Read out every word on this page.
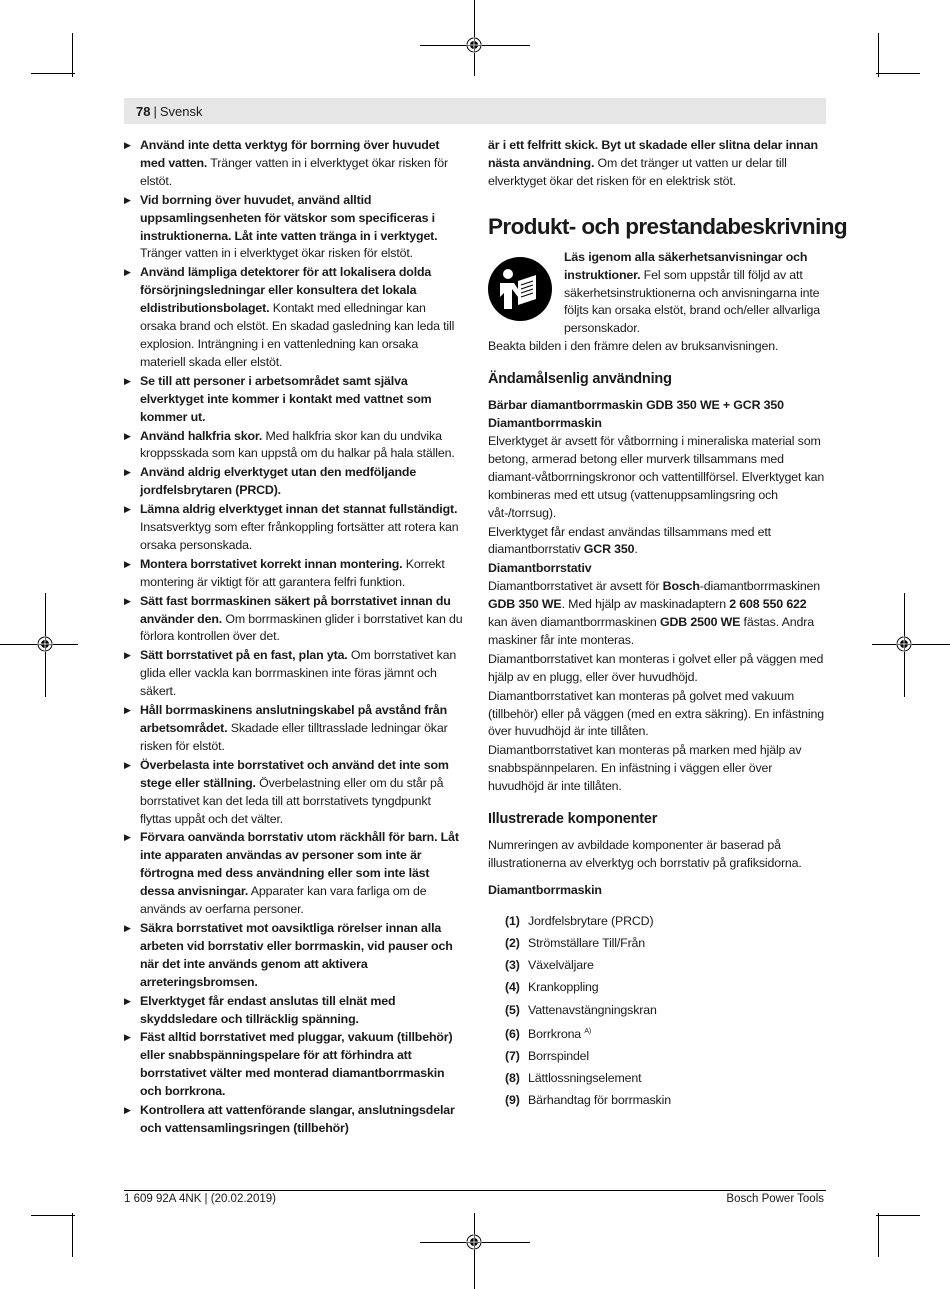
78 | Svensk
▶ Använd inte detta verktyg för borrning över huvudet med vatten. Tränger vatten in i elverktyget ökar risken för elstöt.
▶ Vid borrning över huvudet, använd alltid uppsamlingsenheten för vätskor som specificeras i instruktionerna. Låt inte vatten tränga in i verktyget. Tränger vatten in i elverktyget ökar risken för elstöt.
▶ Använd lämpliga detektorer för att lokalisera dolda försörjningsledningar eller konsultera det lokala eldistributionsbolaget. Kontakt med elledningar kan orsaka brand och elstöt. En skadad gasledning kan leda till explosion. Inträngning i en vattenledning kan orsaka materiell skada eller elstöt.
▶ Se till att personer i arbetsområdet samt själva elverktyget inte kommer i kontakt med vattnet som kommer ut.
▶ Använd halkfria skor. Med halkfria skor kan du undvika kroppsskada som kan uppstå om du halkar på hala ställen.
▶ Använd aldrig elverktyget utan den medföljande jordfelsbrytaren (PRCD).
▶ Lämna aldrig elverktyget innan det stannat fullständigt. Insatsverktyg som efter frånkoppling fortsätter att rotera kan orsaka personskada.
▶ Montera borrstativet korrekt innan montering. Korrekt montering är viktigt för att garantera felfri funktion.
▶ Sätt fast borrmaskinen säkert på borrstativet innan du använder den. Om borrmaskinen glider i borrstativet kan du förlora kontrollen över det.
▶ Sätt borrstativet på en fast, plan yta. Om borrstativet kan glida eller vackla kan borrmaskinen inte föras jämnt och säkert.
▶ Håll borrmaskinens anslutningskabel på avstånd från arbetsområdet. Skadade eller tilltrasslade ledningar ökar risken för elstöt.
▶ Överbelasta inte borrstativet och använd det inte som stege eller ställning. Överbelastning eller om du står på borrstativet kan det leda till att borrstativets tyngdpunkt flyttas uppåt och det välter.
▶ Förvara oanvända borrstativ utom räckhåll för barn. Låt inte apparaten användas av personer som inte är förtrogna med dess användning eller som inte läst dessa anvisningar. Apparater kan vara farliga om de används av oerfarna personer.
▶ Säkra borrstativet mot oavsiktliga rörelser innan alla arbeten vid borrstativ eller borrmaskin, vid pauser och när det inte används genom att aktivera arreteringsbromsen.
▶ Elverktyget får endast anslutas till elnät med skyddsledare och tillräcklig spänning.
▶ Fäst alltid borrstativet med pluggar, vakuum (tillbehör) eller snabbspänningspelare för att förhindra att borrstativet välter med monterad diamantborrmaskin och borrkrona.
▶ Kontrollera att vattenförande slangar, anslutningsdelar och vattensamlingsringen (tillbehör)

är i ett felfritt skick. Byt ut skadade eller slitna delar innan nästa användning. Om det tränger ut vatten ur delar till elverktyget ökar det risken för en elektrisk stöt.

Produkt- och prestandabeskrivning

Läs igenom alla säkerhetsanvisningar och instruktioner. Fel som uppstår till följd av att säkerhetsinstruktionerna och anvisningarna inte följts kan orsaka elstöt, brand och/eller allvarliga personskador.

Beakta bilden i den främre delen av bruksanvisningen.

Ändamålsenlig användning

Bärbar diamantborrmaskin GDB 350 WE + GCR 350

Diamantborrmaskin

Elverktyget är avsett för våtborrning i mineraliska material som betong, armerad betong eller murverk tillsammans med diamant-våtborrningskronor och vattentillförsel. Elverktyget kan kombineras med ett utsug (vattenuppsamlingsring och våt-/torrsug).

Elverktyget får endast användas tillsammans med ett diamantborrstativ GCR 350.

Diamantborrstativ

Diamantborrstativet är avsett för Bosch-diamantborrmaskinen GDB 350 WE. Med hjälp av maskinadaptern 2 608 550 622 kan även diamantborrmaskinen GDB 2500 WE fästas. Andra maskiner får inte monteras.

Diamantborrstativet kan monteras i golvet eller på väggen med hjälp av en plugg, eller över huvudhöjd.

Diamantborrstativet kan monteras på golvet med vakuum (tillbehör) eller på väggen (med en extra säkring). En infästning över huvudhöjd är inte tillåten.

Diamantborrstativet kan monteras på marken med hjälp av snabbspännpelaren. En infästning i väggen eller över huvudhöjd är inte tillåten.

Illustrerade komponenter

Numreringen av avbildade komponenter är baserad på illustrationerna av elverktyg och borrstativ på grafiksidorna.

Diamantborrmaskin

(1) Jordfelsbrytare (PRCD)
(2) Strömställare Till/Från
(3) Växelväljare
(4) Krankoppling
(5) Vattenavstängningskran
(6) Borrkrona $^{A)}$
(7) Borrspindel
(8) Lättlossningselement
(9) Bärhandtag för borrmaskin
1 609 92A 4NK | (20.02.2019)	Bosch Power Tools
